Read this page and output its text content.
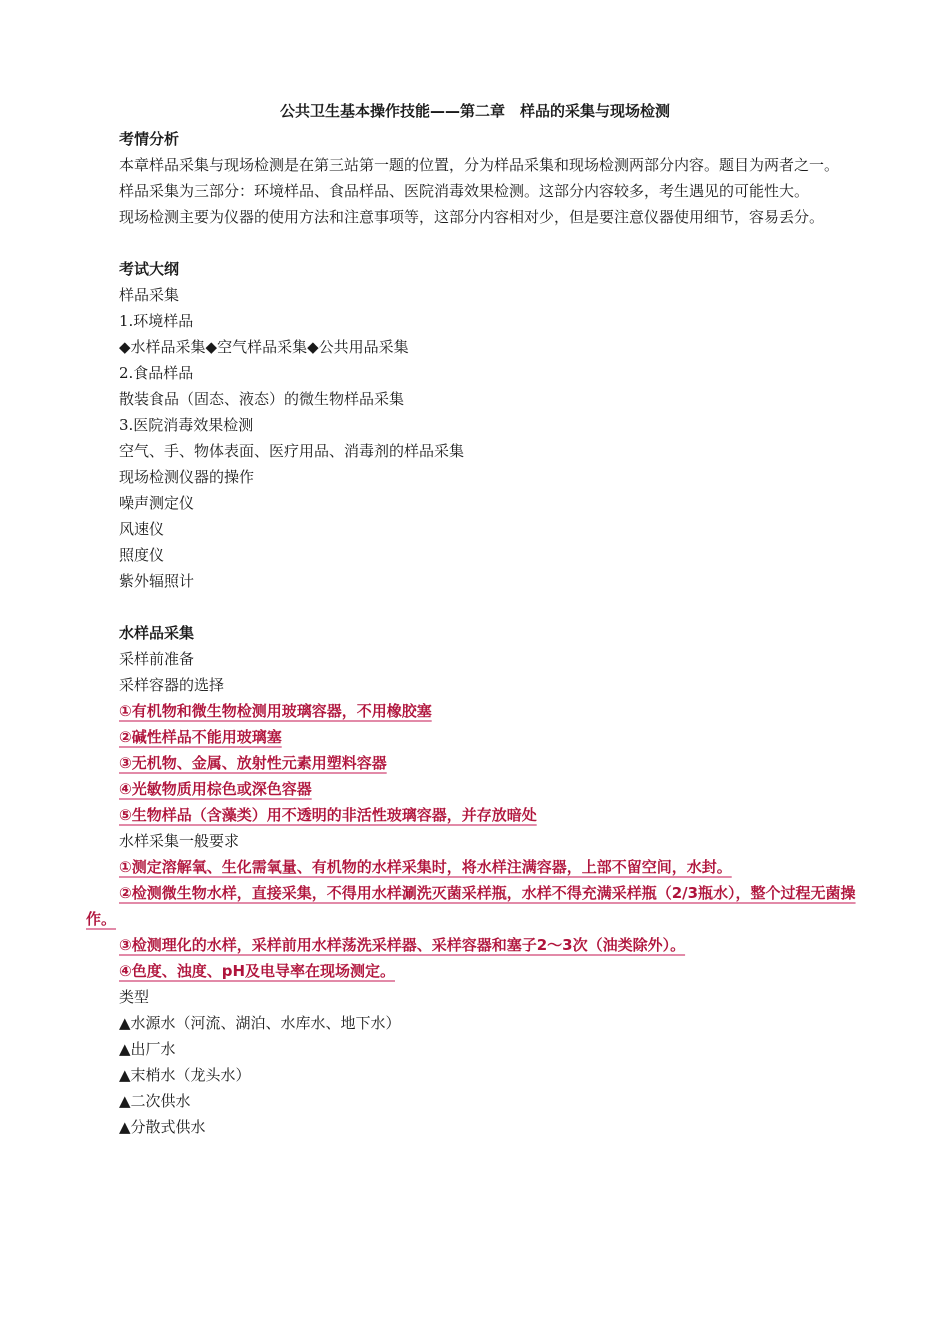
公共卫生基本操作技能——第二章　样品的采集与现场检测

考情分析

本章样品采集与现场检测是在第三站第一题的位置，分为样品采集和现场检测两部分内容。题目为两者之一。

样品采集为三部分：环境样品、食品样品、医院消毒效果检测。这部分内容较多，考生遇见的可能性大。

现场检测主要为仪器的使用方法和注意事项等，这部分内容相对少，但是要注意仪器使用细节，容易丢分。

考试大纲

样品采集

1.环境样品

◆水样品采集◆空气样品采集◆公共用品采集

2.食品样品

散装食品（固态、液态）的微生物样品采集

3.医院消毒效果检测

空气、手、物体表面、医疗用品、消毒剂的样品采集

现场检测仪器的操作

噪声测定仪

风速仪

照度仪

紫外辐照计

水样品采集

采样前准备

采样容器的选择

①有机物和微生物检测用玻璃容器，不用橡胶塞

②碱性样品不能用玻璃塞

③无机物、金属、放射性元素用塑料容器

④光敏物质用棕色或深色容器

⑤生物样品（含藻类）用不透明的非活性玻璃容器，并存放暗处

水样采集一般要求

①测定溶解氧、生化需氧量、有机物的水样采集时，将水样注满容器，上部不留空间，水封。

②检测微生物水样，直接采集，不得用水样涮洗灭菌采样瓶，水样不得充满采样瓶（2/3瓶水），整个过程无菌操作。

③检测理化的水样，采样前用水样荡洗采样器、采样容器和塞子2～3次（油类除外）。

④色度、浊度、pH及电导率在现场测定。

类型

▲水源水（河流、湖泊、水库水、地下水）

▲出厂水

▲末梢水（龙头水）

▲二次供水

▲分散式供水
